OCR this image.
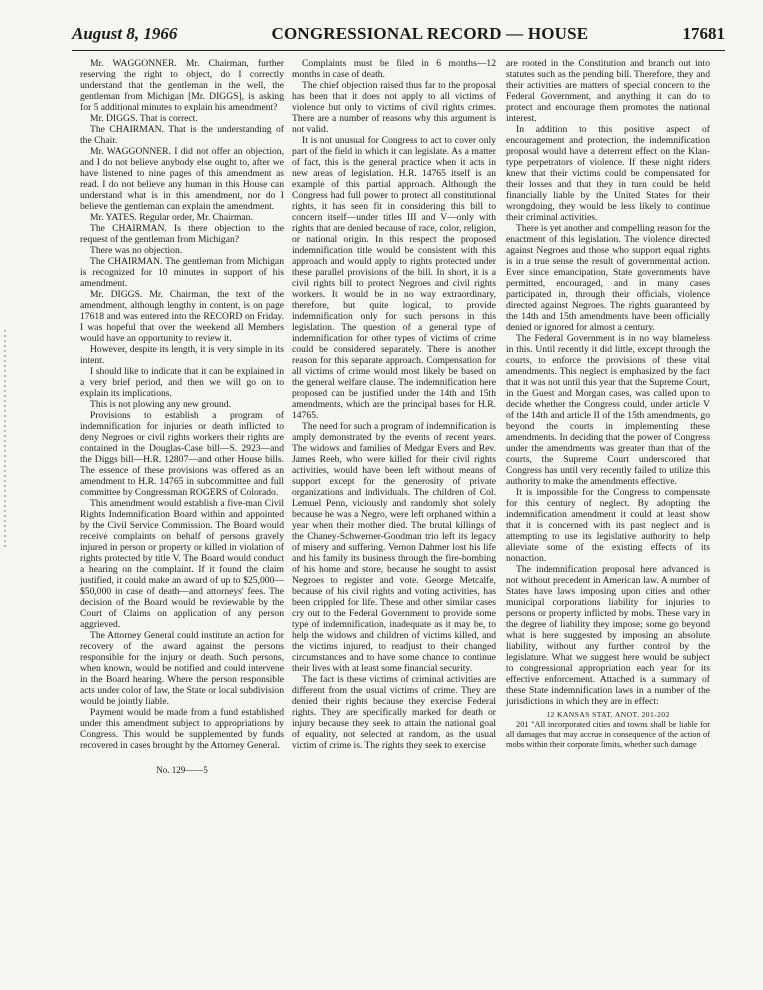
August 8, 1966	CONGRESSIONAL RECORD — HOUSE	17681

Mr. WAGGONNER. Mr. Chairman, further reserving the right to object, do I correctly understand that the gentleman in the well, the gentleman from Michigan [Mr. DIGGS], is asking for 5 additional minutes to explain his amendment?

Mr. DIGGS. That is correct.

The CHAIRMAN. That is the understanding of the Chair.

Mr. WAGGONNER. I did not offer an objection, and I do not believe anybody else ought to, after we have listened to nine pages of this amendment as read. I do not believe any human in this House can understand what is in this amendment, nor do I believe the gentleman can explain the amendment.

Mr. YATES. Regular order, Mr. Chairman.

The CHAIRMAN. Is there objection to the request of the gentleman from Michigan?

There was no objection.

The CHAIRMAN. The gentleman from Michigan is recognized for 10 minutes in support of his amendment.

Mr. DIGGS. Mr. Chairman, the text of the amendment, although lengthy in content, is on page 17618 and was entered into the RECORD on Friday. I was hopeful that over the weekend all Members would have an opportunity to review it.

However, despite its length, it is very simple in its intent.

I should like to indicate that it can be explained in a very brief period, and then we will go on to explain its implications.

This is not plowing any new ground.

Provisions to establish a program of indemnification for injuries or death inflicted to deny Negroes or civil rights workers their rights are contained in the Douglas-Case bill—S. 2923—and the Diggs bill—H.R. 12807—and other House bills. The essence of these provisions was offered as an amendment to H.R. 14765 in subcommittee and full committee by Congressman ROGERS of Colorado.

This amendment would establish a five-man Civil Rights Indemnification Board within and appointed by the Civil Service Commission. The Board would receive complaints on behalf of persons gravely injured in person or property or killed in violation of rights protected by title V. The Board would conduct a hearing on the complaint. If it found the claim justified, it could make an award of up to $25,000—$50,000 in case of death—and attorneys' fees. The decision of the Board would be reviewable by the Court of Claims on application of any person aggrieved.

The Attorney General could institute an action for recovery of the award against the persons responsible for the injury or death. Such persons, when known, would be notified and could intervene in the Board hearing. Where the person responsible acts under color of law, the State or local subdivision would be jointly liable.

Payment would be made from a fund established under this amendment subject to appropriations by Congress. This would be supplemented by funds recovered in cases brought by the Attorney General.

No. 129——5

Complaints must be filed in 6 months—12 months in case of death.

The chief objection raised thus far to the proposal has been that it does not apply to all victims of violence but only to victims of civil rights crimes. There are a number of reasons why this argument is not valid.

It is not unusual for Congress to act to cover only part of the field in which it can legislate. As a matter of fact, this is the general practice when it acts in new areas of legislation. H.R. 14765 itself is an example of this partial approach. Although the Congress had full power to protect all constitutional rights, it has seen fit in considering this bill to concern itself—under titles III and V—only with rights that are denied because of race, color, religion, or national origin. In this respect the proposed indemnification title would be consistent with this approach and would apply to rights protected under these parallel provisions of the bill. In short, it is a civil rights bill to protect Negroes and civil rights workers. It would be in no way extraordinary, therefore, but quite logical, to provide indemnification only for such persons in this legislation. The question of a general type of indemnification for other types of victims of crime could be considered separately. There is another reason for this separate approach. Compensation for all victims of crime would most likely be based on the general welfare clause. The indemnification here proposed can be justified under the 14th and 15th amendments, which are the principal bases for H.R. 14765.

The need for such a program of indemnification is amply demonstrated by the events of recent years. The widows and families of Medgar Evers and Rev. James Reeb, who were killed for their civil rights activities, would have been left without means of support except for the generosity of private organizations and individuals. The children of Col. Lemuel Penn, viciously and randomly shot solely because he was a Negro, were left orphaned within a year when their mother died. The brutal killings of the Chaney-Schwerner-Goodman trio left its legacy of misery and suffering. Vernon Dahmer lost his life and his family its business through the fire-bombing of his home and store, because he sought to assist Negroes to register and vote. George Metcalfe, because of his civil rights and voting activities, has been crippled for life. These and other similar cases cry out to the Federal Government to provide some type of indemnification, inadequate as it may be, to help the widows and children of victims killed, and the victims injured, to readjust to their changed circumstances and to have some chance to continue their lives with at least some financial security.

The fact is these victims of criminal activities are different from the usual victims of crime. They are denied their rights because they exercise Federal rights. They are specifically marked for death or injury because they seek to attain the national goal of equality, not selected at random, as the usual victim of crime is. The rights they seek to exercise

are rooted in the Constitution and branch out into statutes such as the pending bill. Therefore, they and their activities are matters of special concern to the Federal Government, and anything it can do to protect and encourage them promotes the national interest.

In addition to this positive aspect of encouragement and protection, the indemnification proposal would have a deterrent effect on the Klan-type perpetrators of violence. If these night riders knew that their victims could be compensated for their losses and that they in turn could be held financially liable by the United States for their wrongdoing, they would be less likely to continue their criminal activities.

There is yet another and compelling reason for the enactment of this legislation. The violence directed against Negroes and those who support equal rights is in a true sense the result of governmental action. Ever since emancipation, State governments have permitted, encouraged, and in many cases participated in, through their officials, violence directed against Negroes. The rights guaranteed by the 14th and 15th amendments have been officially denied or ignored for almost a century.

The Federal Government is in no way blameless in this. Until recently it did little, except through the courts, to enforce the provisions of these vital amendments. This neglect is emphasized by the fact that it was not until this year that the Supreme Court, in the Guest and Morgan cases, was called upon to decide whether the Congress could, under article V of the 14th and article II of the 15th amendments, go beyond the courts in implementing these amendments. In deciding that the power of Congress under the amendments was greater than that of the courts, the Supreme Court underscored that Congress has until very recently failed to utilize this authority to make the amendments effective.

It is impossible for the Congress to compensate for this century of neglect. By adopting the indemnification amendment it could at least show that it is concerned with its past neglect and is attempting to use its legislative authority to help alleviate some of the existing effects of its nonaction.

The indemnification proposal here advanced is not without precedent in American law. A number of States have laws imposing upon cities and other municipal corporations liability for injuries to persons or property inflicted by mobs. These vary in the degree of liability they impose; some go beyond what is here suggested by imposing an absolute liability, without any further control by the legislature. What we suggest here would be subject to congressional appropriation each year for its effective enforcement. Attached is a summary of these State indemnification laws in a number of the jurisdictions in which they are in effect:

12 KANSAS STAT. ANOT. 201-202

201 "All incorporated cities and towns shall be liable for all damages that may accrue in consequence of the action of mobs within their corporate limits, whether such damage
